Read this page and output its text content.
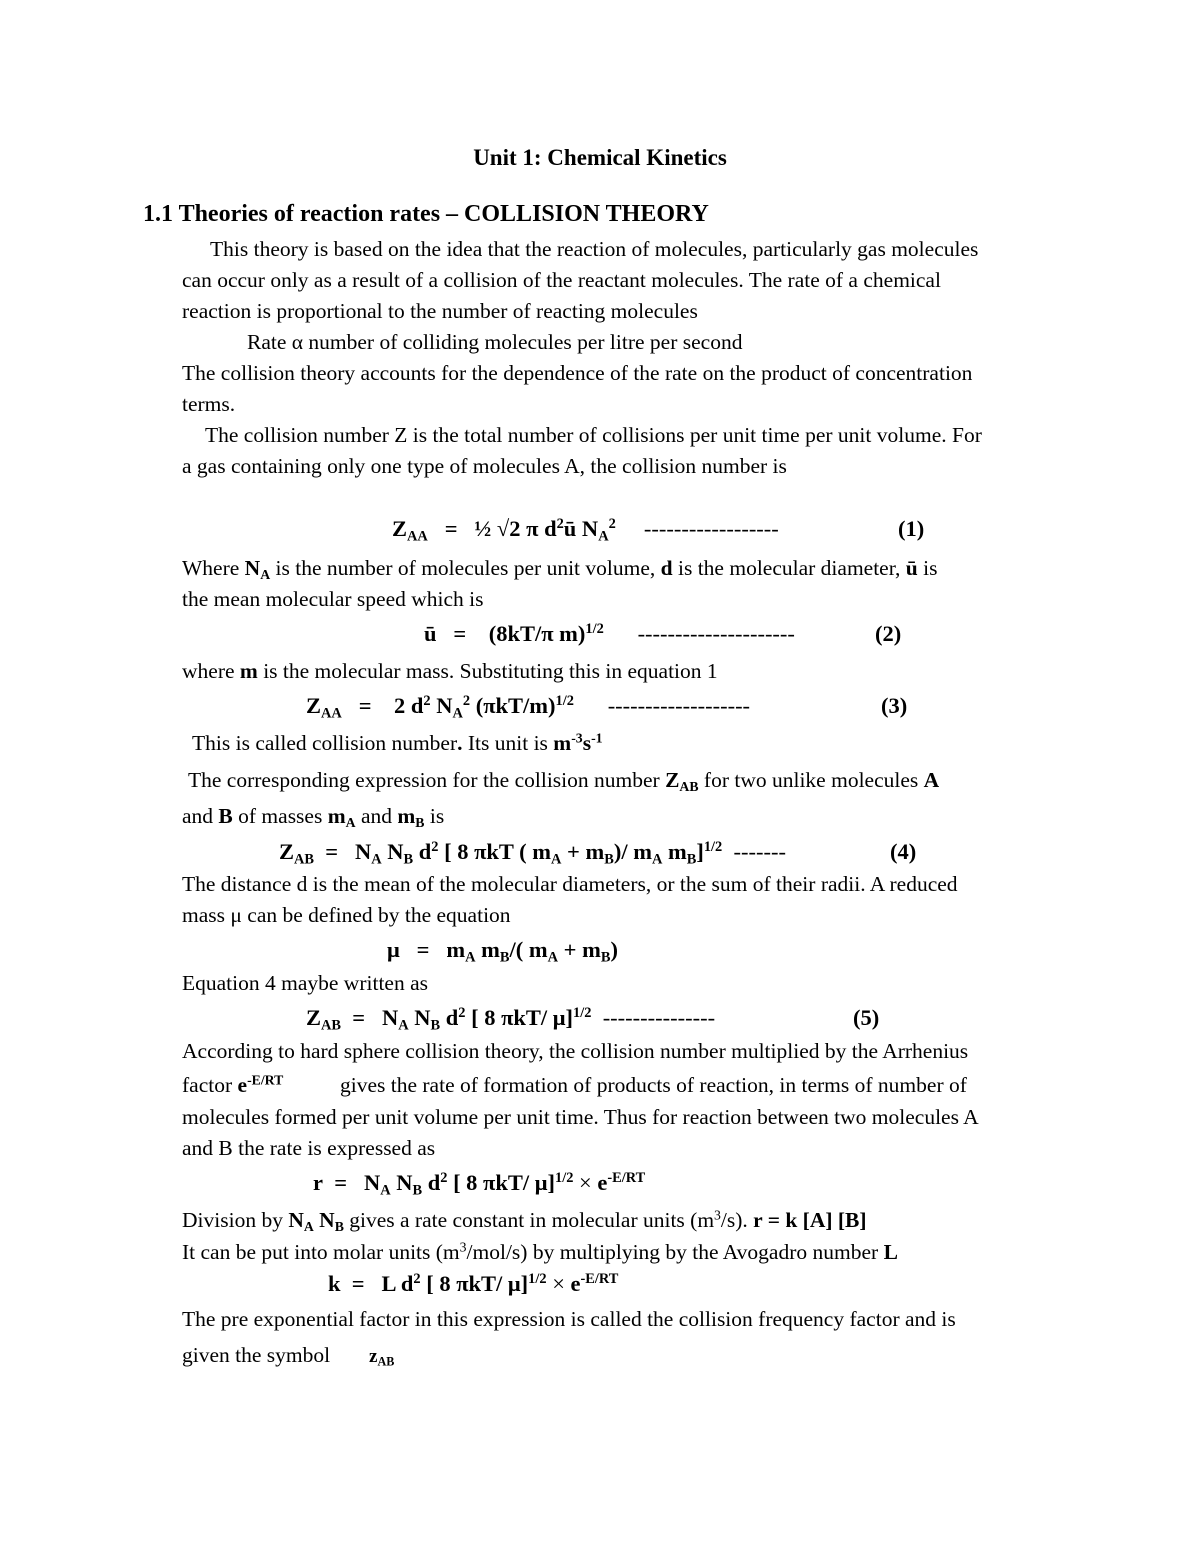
Unit 1: Chemical Kinetics
1.1 Theories of reaction rates – COLLISION THEORY
This theory is based on the idea that the reaction of molecules, particularly gas molecules
can occur only as a result of a collision of the reactant molecules. The rate of a chemical
reaction is proportional to the number of reacting molecules
Rate α number of colliding molecules per litre per second
The collision theory accounts for the dependence of the rate on the product of concentration
terms.
The collision number Z is the total number of collisions per unit time per unit volume. For
a gas containing only one type of molecules A, the collision number is
$Z_{AA}$ = ½ √2 π $d^2ū$ $N_A^2$ ------------------	(1)
Where $N_A$ is the number of molecules per unit volume, d is the molecular diameter, ū is
the mean molecular speed which is
ū = (8kT/π m)$^{1/2}$ ---------------------	(2)
where m is the molecular mass. Substituting this in equation 1
$Z_{AA} = 2$ $d^2$ $N_A^2$ $(\pi kT/m)^{1/2}$ -------------------	(3)
This is called collision number. Its unit is $m^{-3}s^{-1}$
The corresponding expression for the collision number $Z_{AB}$ for two unlike molecules A
and B of masses $m_A$ and $m_B$ is
$Z_{AB} = N_A$ $N_B$ $d^2$ [ 8 πkT ( $m_A + m_B)/$ $m_A$ $m_B]^{1/2}$ -------	(4)
The distance d is the mean of the molecular diameters, or the sum of their radii. A reduced
mass μ can be defined by the equation
$\mu = m_A$ $m_B/$( $m_A + m_B$)
Equation 4 maybe written as
$Z_{AB} = N_A$ $N_B$ $d^2$ [ 8 πkT/ μ]$^{1/2}$ ---------------	(5)
According to hard sphere collision theory, the collision number multiplied by the Arrhenius
factor $e^{-E/RT}$	gives the rate of formation of products of reaction, in terms of number of
molecules formed per unit volume per unit time. Thus for reaction between two molecules A
and B the rate is expressed as
$r = N_A$ $N_B$ $d^2$ [ 8 πkT/ $\mu]^{1/2} \times e^{-E/RT}$
Division by $N_A$ $N_B$ gives a rate constant in molecular units $(m^3/s)$. r = k [A] [B]
It can be put into molar units $(m^3/mol/s)$ by multiplying by the Avogadro number L
k = L $d^2$ [ 8 πkT/ $\mu]^{1/2} \times e^{-E/RT}$
The pre exponential factor in this expression is called the collision frequency factor and is
given the symbol $z_{AB}$
